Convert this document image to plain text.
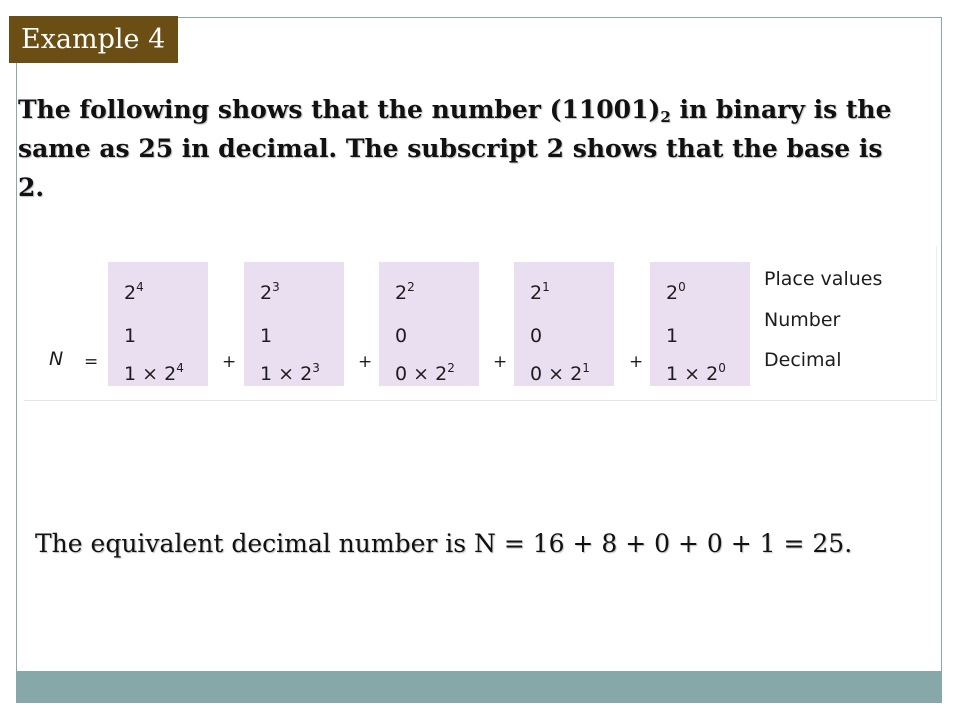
Example 4
The following shows that the number $(11001)_2$ in binary is the same as 25 in decimal. The subscript 2 shows that the base is 2.
N =
$2^4$
1
$1 \times 2^4$ +
$2^3$
1
$1 \times 2^3$ +
$2^2$
0
$0 \times 2^2$ +
$2^1$
0
$0 \times 2^1$ +
$2^0$
1
$1 \times 2^0$
Place values
Number
Decimal
The equivalent decimal number is N = 16 + 8 + 0 + 0 + 1 = 25.
